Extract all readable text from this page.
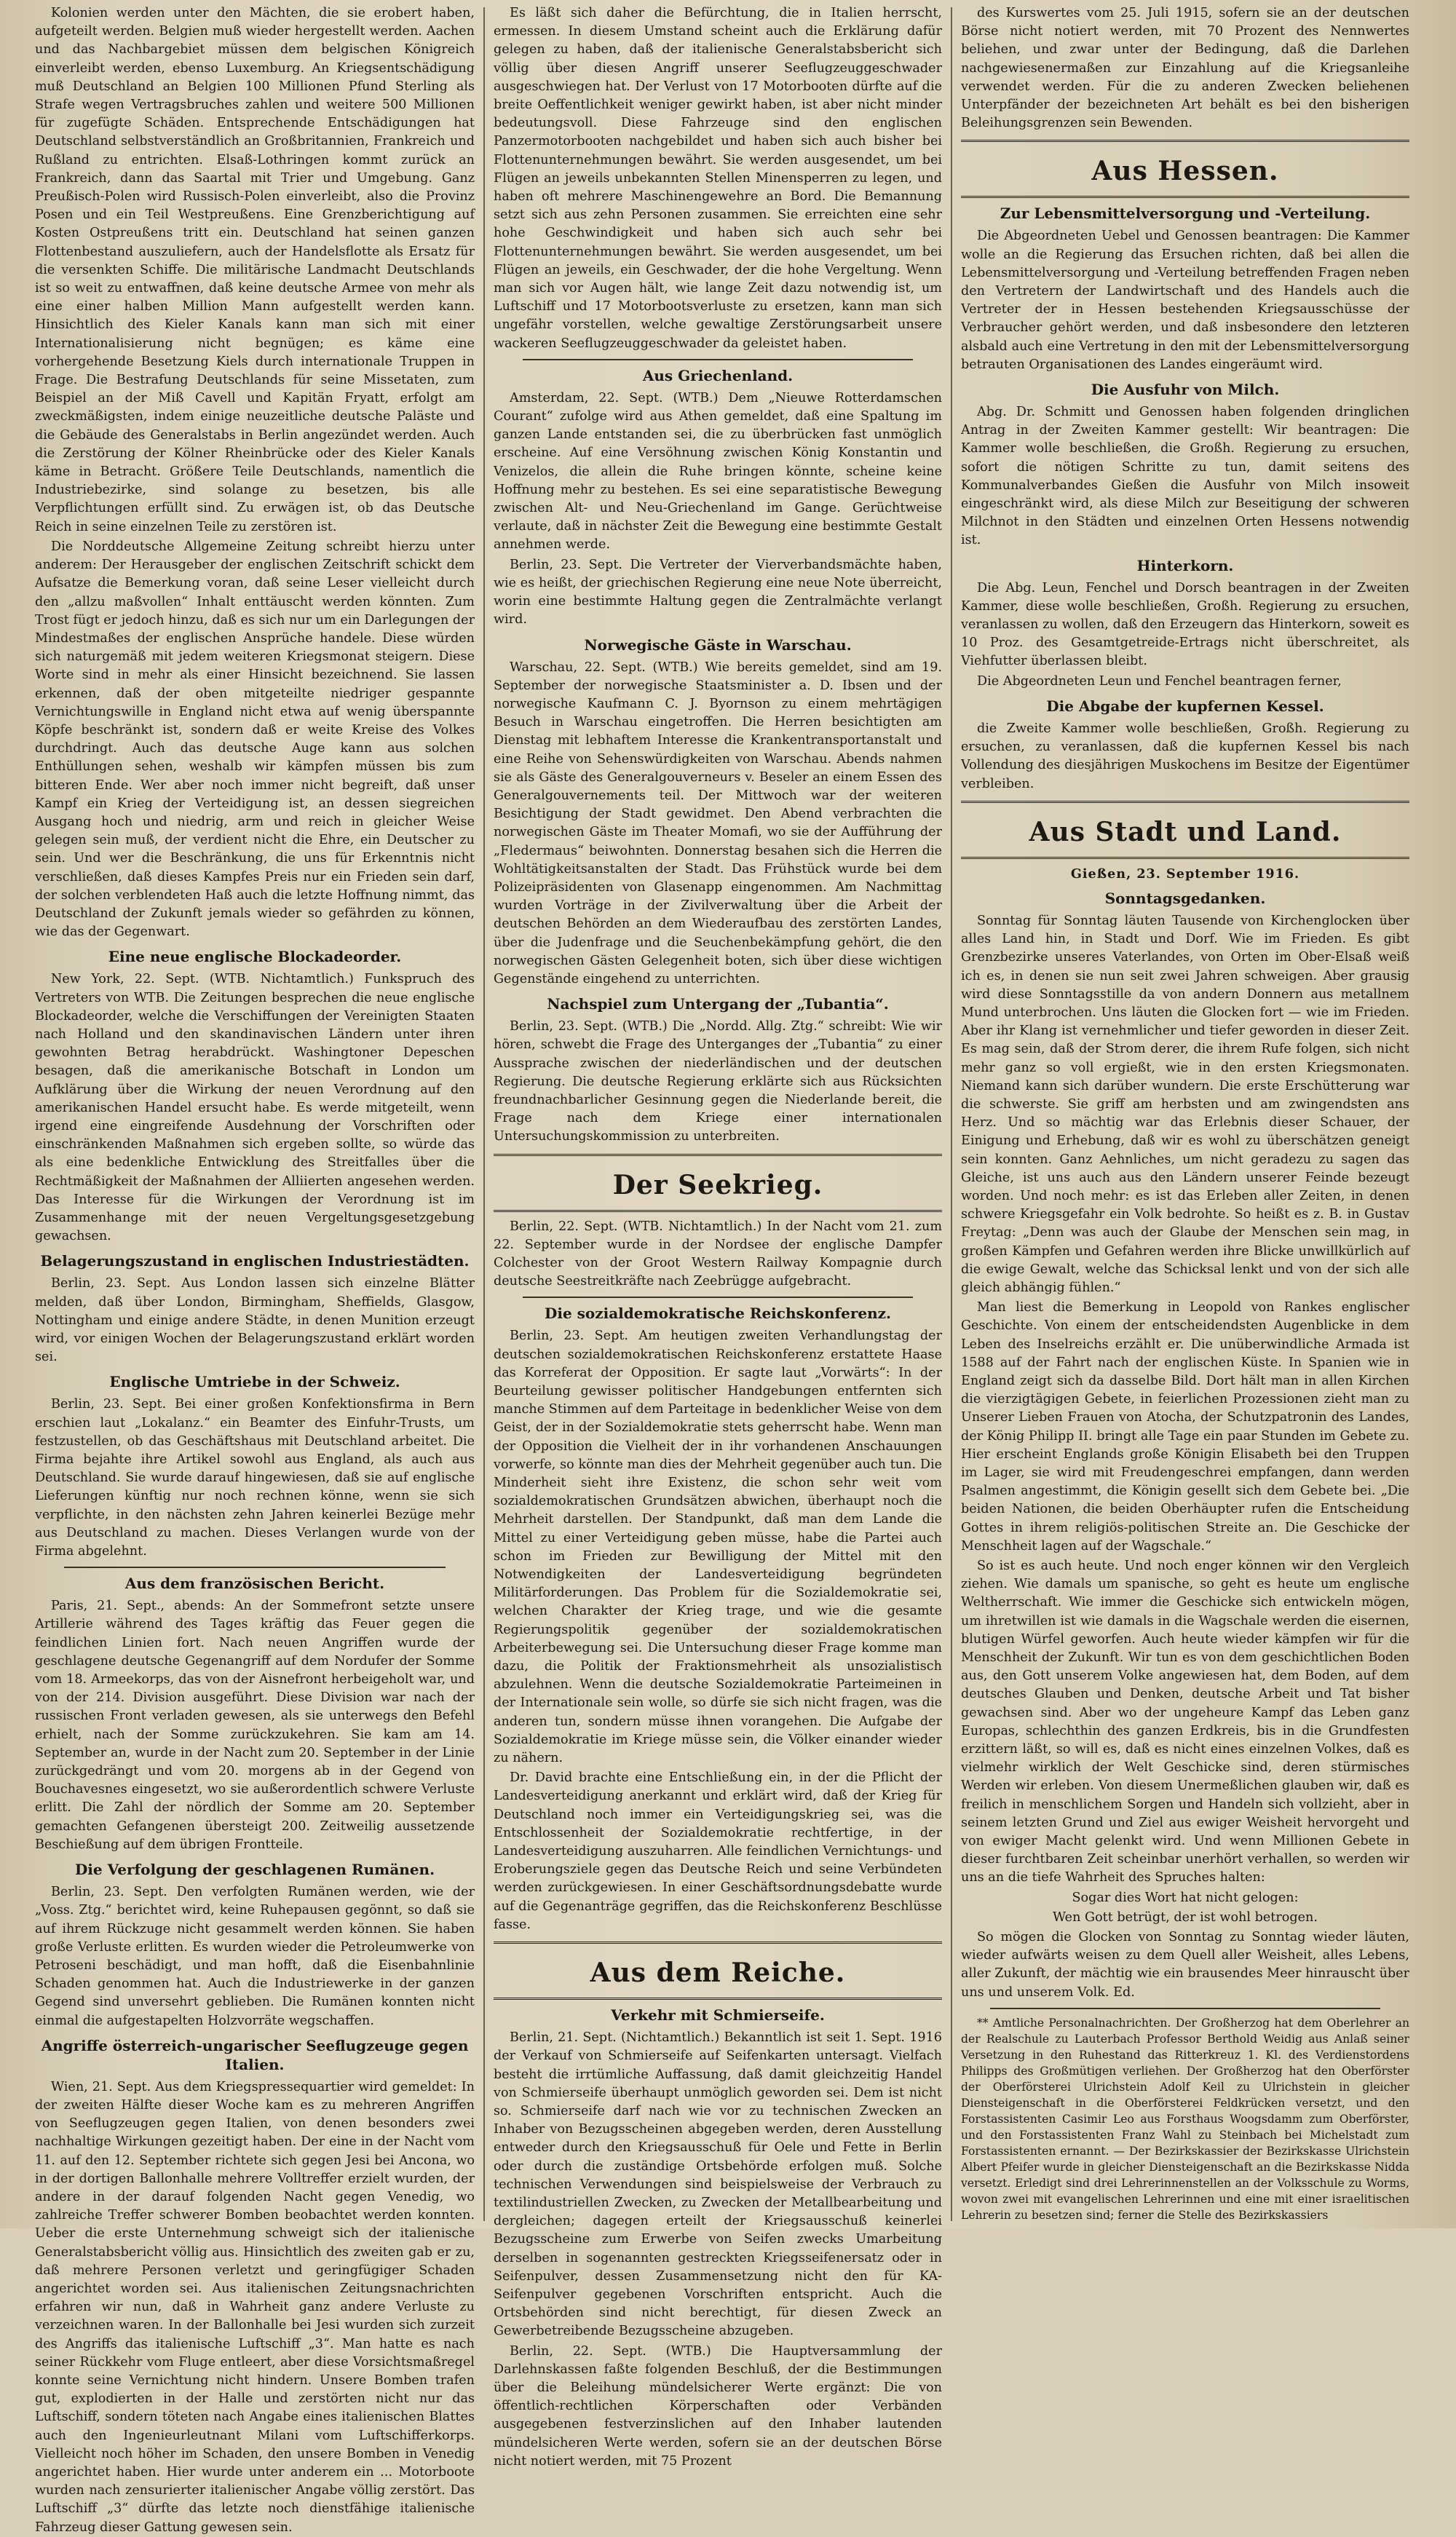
Kolonien werden unter den Mächten, die sie erobert haben, aufgeteilt werden. Belgien muß wieder hergestellt werden. Aachen und das Nachbargebiet müssen dem belgischen Königreich einverleibt werden, ebenso Luxemburg. An Kriegsentschädigung muß Deutschland an Belgien 100 Millionen Pfund Sterling als Strafe wegen Vertragsbruches zahlen und weitere 500 Millionen für zugefügte Schäden. Entsprechende Entschädigungen hat Deutschland selbstverständlich an Großbritannien, Frankreich und Rußland zu entrichten. Elsaß-Lothringen kommt zurück an Frankreich, dann das Saartal mit Trier und Umgebung. Ganz Preußisch-Polen wird Russisch-Polen einverleibt, also die Provinz Posen und ein Teil Westpreußens. Eine Grenzberichtigung auf Kosten Ostpreußens tritt ein. Deutschland hat seinen ganzen Flottenbestand auszuliefern, auch der Handelsflotte als Ersatz für die versenkten Schiffe. Die militärische Landmacht Deutschlands ist so weit zu entwaffnen, daß keine deutsche Armee von mehr als eine einer halben Million Mann aufgestellt werden kann. Hinsichtlich des Kieler Kanals kann man sich mit einer Internationalisierung nicht begnügen; es käme eine vorhergehende Besetzung Kiels durch internationale Truppen in Frage. Die Bestrafung Deutschlands für seine Missetaten, zum Beispiel an der Miß Cavell und Kapitän Fryatt, erfolgt am zweckmäßigsten, indem einige neuzeitliche deutsche Paläste und die Gebäude des Generalstabs in Berlin angezündet werden. Auch die Zerstörung der Kölner Rheinbrücke oder des Kieler Kanals käme in Betracht. Größere Teile Deutschlands, namentlich die Industriebezirke, sind solange zu besetzen, bis alle Verpflichtungen erfüllt sind. Zu erwägen ist, ob das Deutsche Reich in seine einzelnen Teile zu zerstören ist.

Die Norddeutsche Allgemeine Zeitung schreibt hierzu unter anderem: Der Herausgeber der englischen Zeitschrift schickt dem Aufsatze die Bemerkung voran, daß seine Leser vielleicht durch den „allzu maßvollen“ Inhalt enttäuscht werden könnten. Zum Trost fügt er jedoch hinzu, daß es sich nur um ein Darlegungen der Mindestmaßes der englischen Ansprüche handele. Diese würden sich naturgemäß mit jedem weiteren Kriegsmonat steigern. Diese Worte sind in mehr als einer Hinsicht bezeichnend. Sie lassen erkennen, daß der oben mitgeteilte niedriger gespannte Vernichtungswille in England nicht etwa auf wenig überspannte Köpfe beschränkt ist, sondern daß er weite Kreise des Volkes durchdringt. Auch das deutsche Auge kann aus solchen Enthüllungen sehen, weshalb wir kämpfen müssen bis zum bitteren Ende. Wer aber noch immer nicht begreift, daß unser Kampf ein Krieg der Verteidigung ist, an dessen siegreichen Ausgang hoch und niedrig, arm und reich in gleicher Weise gelegen sein muß, der verdient nicht die Ehre, ein Deutscher zu sein. Und wer die Beschränkung, die uns für Erkenntnis nicht verschließen, daß dieses Kampfes Preis nur ein Frieden sein darf, der solchen verblendeten Haß auch die letzte Hoffnung nimmt, das Deutschland der Zukunft jemals wieder so gefährden zu können, wie das der Gegenwart.

Eine neue englische Blockadeorder.

New York, 22. Sept. (WTB. Nichtamtlich.) Funkspruch des Vertreters von WTB. Die Zeitungen besprechen die neue englische Blockadeorder, welche die Verschiffungen der Vereinigten Staaten nach Holland und den skandinavischen Ländern unter ihren gewohnten Betrag herabdrückt. Washingtoner Depeschen besagen, daß die amerikanische Botschaft in London um Aufklärung über die Wirkung der neuen Verordnung auf den amerikanischen Handel ersucht habe. Es werde mitgeteilt, wenn irgend eine eingreifende Ausdehnung der Vorschriften oder einschränkenden Maßnahmen sich ergeben sollte, so würde das als eine bedenkliche Entwicklung des Streitfalles über die Rechtmäßigkeit der Maßnahmen der Alliierten angesehen werden. Das Interesse für die Wirkungen der Verordnung ist im Zusammenhange mit der neuen Vergeltungsgesetzgebung gewachsen.

Belagerungszustand in englischen Industriestädten.

Berlin, 23. Sept. Aus London lassen sich einzelne Blätter melden, daß über London, Birmingham, Sheffields, Glasgow, Nottingham und einige andere Städte, in denen Munition erzeugt wird, vor einigen Wochen der Belagerungszustand erklärt worden sei.

Englische Umtriebe in der Schweiz.

Berlin, 23. Sept. Bei einer großen Konfektionsfirma in Bern erschien laut „Lokalanz.“ ein Beamter des Einfuhr-Trusts, um festzustellen, ob das Geschäftshaus mit Deutschland arbeitet. Die Firma bejahte ihre Artikel sowohl aus England, als auch aus Deutschland. Sie wurde darauf hingewiesen, daß sie auf englische Lieferungen künftig nur noch rechnen könne, wenn sie sich verpflichte, in den nächsten zehn Jahren keinerlei Bezüge mehr aus Deutschland zu machen. Dieses Verlangen wurde von der Firma abgelehnt.

Aus dem französischen Bericht.

Paris, 21. Sept., abends: An der Sommefront setzte unsere Artillerie während des Tages kräftig das Feuer gegen die feindlichen Linien fort. Nach neuen Angriffen wurde der geschlagene deutsche Gegenangriff auf dem Nordufer der Somme vom 18. Armeekorps, das von der Aisnefront herbeigeholt war, und von der 214. Division ausgeführt. Diese Division war nach der russischen Front verladen gewesen, als sie unterwegs den Befehl erhielt, nach der Somme zurückzukehren. Sie kam am 14. September an, wurde in der Nacht zum 20. September in der Linie zurückgedrängt und vom 20. morgens ab in der Gegend von Bouchavesnes eingesetzt, wo sie außerordentlich schwere Verluste erlitt. Die Zahl der nördlich der Somme am 20. September gemachten Gefangenen übersteigt 200. Zeitweilig aussetzende Beschießung auf dem übrigen Frontteile.

Die Verfolgung der geschlagenen Rumänen.

Berlin, 23. Sept. Den verfolgten Rumänen werden, wie der „Voss. Ztg.“ berichtet wird, keine Ruhepausen gegönnt, so daß sie auf ihrem Rückzuge nicht gesammelt werden können. Sie haben große Verluste erlitten. Es wurden wieder die Petroleumwerke von Petroseni beschädigt, und man hofft, daß die Eisenbahnlinie Schaden genommen hat. Auch die Industriewerke in der ganzen Gegend sind unversehrt geblieben. Die Rumänen konnten nicht einmal die aufgestapelten Holzvorräte wegschaffen.

Angriffe österreich-ungarischer Seeflugzeuge gegen Italien.

Wien, 21. Sept. Aus dem Kriegspressequartier wird gemeldet: In der zweiten Hälfte dieser Woche kam es zu mehreren Angriffen von Seeflugzeugen gegen Italien, von denen besonders zwei nachhaltige Wirkungen gezeitigt haben. Der eine in der Nacht vom 11. auf den 12. September richtete sich gegen Jesi bei Ancona, wo in der dortigen Ballonhalle mehrere Volltreffer erzielt wurden, der andere in der darauf folgenden Nacht gegen Venedig, wo zahlreiche Treffer schwerer Bomben beobachtet werden konnten. Ueber die erste Unternehmung schweigt sich der italienische Generalstabsbericht völlig aus. Hinsichtlich des zweiten gab er zu, daß mehrere Personen verletzt und geringfügiger Schaden angerichtet worden sei. Aus italienischen Zeitungsnachrichten erfahren wir nun, daß in Wahrheit ganz andere Verluste zu verzeichnen waren. In der Ballonhalle bei Jesi wurden sich zurzeit des Angriffs das italienische Luftschiff „3“. Man hatte es nach seiner Rückkehr vom Fluge entleert, aber diese Vorsichtsmaßregel konnte seine Vernichtung nicht hindern. Unsere Bomben trafen gut, explodierten in der Halle und zerstörten nicht nur das Luftschiff, sondern töteten nach Angabe eines italienischen Blattes auch den Ingenieurleutnant Milani vom Luftschifferkorps. Vielleicht noch höher im Schaden, den unsere Bomben in Venedig angerichtet haben. Hier wurde unter anderem ein ... Motorboote wurden nach zensurierter italienischer Angabe völlig zerstört. Das Luftschiff „3“ dürfte das letzte noch dienstfähige italienische Fahrzeug dieser Gattung gewesen sein.

Es läßt sich daher die Befürchtung, die in Italien herrscht, ermessen. In diesem Umstand scheint auch die Erklärung dafür gelegen zu haben, daß der italienische Generalstabsbericht sich völlig über diesen Angriff unserer Seeflugzeuggeschwader ausgeschwiegen hat. Der Verlust von 17 Motorbooten dürfte auf die breite Oeffentlichkeit weniger gewirkt haben, ist aber nicht minder bedeutungsvoll. Diese Fahrzeuge sind den englischen Panzermotorbooten nachgebildet und haben sich auch bisher bei Flottenunternehmungen bewährt. Sie werden ausgesendet, um bei Flügen an jeweils unbekannten Stellen Minensperren zu legen, und haben oft mehrere Maschinengewehre an Bord. Die Bemannung setzt sich aus zehn Personen zusammen. Sie erreichten eine sehr hohe Geschwindigkeit und haben sich auch sehr bei Flottenunternehmungen bewährt. Sie werden ausgesendet, um bei Flügen an jeweils, ein Geschwader, der die hohe Vergeltung. Wenn man sich vor Augen hält, wie lange Zeit dazu notwendig ist, um Luftschiff und 17 Motorbootsverluste zu ersetzen, kann man sich ungefähr vorstellen, welche gewaltige Zerstörungsarbeit unsere wackeren Seeflugzeuggeschwader da geleistet haben.

Aus Griechenland.

Amsterdam, 22. Sept. (WTB.) Dem „Nieuwe Rotterdamschen Courant“ zufolge wird aus Athen gemeldet, daß eine Spaltung im ganzen Lande entstanden sei, die zu überbrücken fast unmöglich erscheine. Auf eine Versöhnung zwischen König Konstantin und Venizelos, die allein die Ruhe bringen könnte, scheine keine Hoffnung mehr zu bestehen. Es sei eine separatistische Bewegung zwischen Alt- und Neu-Griechenland im Gange. Gerüchtweise verlaute, daß in nächster Zeit die Bewegung eine bestimmte Gestalt annehmen werde.

Berlin, 23. Sept. Die Vertreter der Vierverbandsmächte haben, wie es heißt, der griechischen Regierung eine neue Note überreicht, worin eine bestimmte Haltung gegen die Zentralmächte verlangt wird.

Norwegische Gäste in Warschau.

Warschau, 22. Sept. (WTB.) Wie bereits gemeldet, sind am 19. September der norwegische Staatsminister a. D. Ibsen und der norwegische Kaufmann C. J. Byornson zu einem mehrtägigen Besuch in Warschau eingetroffen. Die Herren besichtigten am Dienstag mit lebhaftem Interesse die Krankentransportanstalt und eine Reihe von Sehenswürdigkeiten von Warschau. Abends nahmen sie als Gäste des Generalgouverneurs v. Beseler an einem Essen des Generalgouvernements teil. Der Mittwoch war der weiteren Besichtigung der Stadt gewidmet. Den Abend verbrachten die norwegischen Gäste im Theater Momafi, wo sie der Aufführung der „Fledermaus“ beiwohnten. Donnerstag besahen sich die Herren die Wohltätigkeitsanstalten der Stadt. Das Frühstück wurde bei dem Polizeipräsidenten von Glasenapp eingenommen. Am Nachmittag wurden Vorträge in der Zivilverwaltung über die Arbeit der deutschen Behörden an dem Wiederaufbau des zerstörten Landes, über die Judenfrage und die Seuchenbekämpfung gehört, die den norwegischen Gästen Gelegenheit boten, sich über diese wichtigen Gegenstände eingehend zu unterrichten.

Nachspiel zum Untergang der „Tubantia“.

Berlin, 23. Sept. (WTB.) Die „Nordd. Allg. Ztg.“ schreibt: Wie wir hören, schwebt die Frage des Unterganges der „Tubantia“ zu einer Aussprache zwischen der niederländischen und der deutschen Regierung. Die deutsche Regierung erklärte sich aus Rücksichten freundnachbarlicher Gesinnung gegen die Niederlande bereit, die Frage nach dem Kriege einer internationalen Untersuchungskommission zu unterbreiten.

Der Seekrieg.

Berlin, 22. Sept. (WTB. Nichtamtlich.) In der Nacht vom 21. zum 22. September wurde in der Nordsee der englische Dampfer Colchester von der Groot Western Railway Kompagnie durch deutsche Seestreitkräfte nach Zeebrügge aufgebracht.

Die sozialdemokratische Reichskonferenz.

Berlin, 23. Sept. Am heutigen zweiten Verhandlungstag der deutschen sozialdemokratischen Reichskonferenz erstattete Haase das Korreferat der Opposition. Er sagte laut „Vorwärts“: In der Beurteilung gewisser politischer Handgebungen entfernten sich manche Stimmen auf dem Parteitage in bedenklicher Weise von dem Geist, der in der Sozialdemokratie stets geherrscht habe. Wenn man der Opposition die Vielheit der in ihr vorhandenen Anschauungen vorwerfe, so könnte man dies der Mehrheit gegenüber auch tun. Die Minderheit sieht ihre Existenz, die schon sehr weit vom sozialdemokratischen Grundsätzen abwichen, überhaupt noch die Mehrheit darstellen. Der Standpunkt, daß man dem Lande die Mittel zu einer Verteidigung geben müsse, habe die Partei auch schon im Frieden zur Bewilligung der Mittel mit den Notwendigkeiten der Landesverteidigung begründeten Militärforderungen. Das Problem für die Sozialdemokratie sei, welchen Charakter der Krieg trage, und wie die gesamte Regierungspolitik gegenüber der sozialdemokratischen Arbeiterbewegung sei. Die Untersuchung dieser Frage komme man dazu, die Politik der Fraktionsmehrheit als unsozialistisch abzulehnen. Wenn die deutsche Sozialdemokratie Parteimeinen in der Internationale sein wolle, so dürfe sie sich nicht fragen, was die anderen tun, sondern müsse ihnen vorangehen. Die Aufgabe der Sozialdemokratie im Kriege müsse sein, die Völker einander wieder zu nähern.

Dr. David brachte eine Entschließung ein, in der die Pflicht der Landesverteidigung anerkannt und erklärt wird, daß der Krieg für Deutschland noch immer ein Verteidigungskrieg sei, was die Entschlossenheit der Sozialdemokratie rechtfertige, in der Landesverteidigung auszuharren. Alle feindlichen Vernichtungs- und Eroberungsziele gegen das Deutsche Reich und seine Verbündeten werden zurückgewiesen. In einer Geschäftsordnungsdebatte wurde auf die Gegenanträge gegriffen, das die Reichskonferenz Beschlüsse fasse.

Aus dem Reiche.
Verkehr mit Schmierseife.

Berlin, 21. Sept. (Nichtamtlich.) Bekanntlich ist seit 1. Sept. 1916 der Verkauf von Schmierseife auf Seifenkarten untersagt. Vielfach besteht die irrtümliche Auffassung, daß damit gleichzeitig Handel von Schmierseife überhaupt unmöglich geworden sei. Dem ist nicht so. Schmierseife darf nach wie vor zu technischen Zwecken an Inhaber von Bezugsscheinen abgegeben werden, deren Ausstellung entweder durch den Kriegsausschuß für Oele und Fette in Berlin oder durch die zuständige Ortsbehörde erfolgen muß. Solche technischen Verwendungen sind beispielsweise der Verbrauch zu textilindustriellen Zwecken, zu Zwecken der Metallbearbeitung und dergleichen; dagegen erteilt der Kriegsausschuß keinerlei Bezugsscheine zum Erwerbe von Seifen zwecks Umarbeitung derselben in sogenannten gestreckten Kriegsseifenersatz oder in Seifenpulver, dessen Zusammensetzung nicht den für KA-Seifenpulver gegebenen Vorschriften entspricht. Auch die Ortsbehörden sind nicht berechtigt, für diesen Zweck an Gewerbetreibende Bezugsscheine abzugeben.

Berlin, 22. Sept. (WTB.) Die Hauptversammlung der Darlehnskassen faßte folgenden Beschluß, der die Bestimmungen über die Beleihung mündelsicherer Werte ergänzt: Die von öffentlich-rechtlichen Körperschaften oder Verbänden ausgegebenen festverzinslichen auf den Inhaber lautenden mündelsicheren Werte werden, sofern sie an der deutschen Börse nicht notiert werden, mit 75 Prozent

des Kurswertes vom 25. Juli 1915, sofern sie an der deutschen Börse nicht notiert werden, mit 70 Prozent des Nennwertes beliehen, und zwar unter der Bedingung, daß die Darlehen nachgewiesenermaßen zur Einzahlung auf die Kriegsanleihe verwendet werden. Für die zu anderen Zwecken beliehenen Unterpfänder der bezeichneten Art behält es bei den bisherigen Beleihungsgrenzen sein Bewenden.

Aus Hessen.
Zur Lebensmittelversorgung und -Verteilung.

Die Abgeordneten Uebel und Genossen beantragen: Die Kammer wolle an die Regierung das Ersuchen richten, daß bei allen die Lebensmittelversorgung und -Verteilung betreffenden Fragen neben den Vertretern der Landwirtschaft und des Handels auch die Vertreter der in Hessen bestehenden Kriegsausschüsse der Verbraucher gehört werden, und daß insbesondere den letzteren alsbald auch eine Vertretung in den mit der Lebensmittelversorgung betrauten Organisationen des Landes eingeräumt wird.

Die Ausfuhr von Milch.

Abg. Dr. Schmitt und Genossen haben folgenden dringlichen Antrag in der Zweiten Kammer gestellt: Wir beantragen: Die Kammer wolle beschließen, die Großh. Regierung zu ersuchen, sofort die nötigen Schritte zu tun, damit seitens des Kommunalverbandes Gießen die Ausfuhr von Milch insoweit eingeschränkt wird, als diese Milch zur Beseitigung der schweren Milchnot in den Städten und einzelnen Orten Hessens notwendig ist.

Hinterkorn.

Die Abg. Leun, Fenchel und Dorsch beantragen in der Zweiten Kammer, diese wolle beschließen, Großh. Regierung zu ersuchen, veranlassen zu wollen, daß den Erzeugern das Hinterkorn, soweit es 10 Proz. des Gesamtgetreide-Ertrags nicht überschreitet, als Viehfutter überlassen bleibt.

Die Abgeordneten Leun und Fenchel beantragen ferner,

Die Abgabe der kupfernen Kessel.

die Zweite Kammer wolle beschließen, Großh. Regierung zu ersuchen, zu veranlassen, daß die kupfernen Kessel bis nach Vollendung des diesjährigen Muskochens im Besitze der Eigentümer verbleiben.

Aus Stadt und Land.

Gießen, 23. September 1916.

Sonntagsgedanken.

Sonntag für Sonntag läuten Tausende von Kirchenglocken über alles Land hin, in Stadt und Dorf. Wie im Frieden. Es gibt Grenzbezirke unseres Vaterlandes, von Orten im Ober-Elsaß weiß ich es, in denen sie nun seit zwei Jahren schweigen. Aber grausig wird diese Sonntagsstille da von andern Donnern aus metallnem Mund unterbrochen. Uns läuten die Glocken fort — wie im Frieden. Aber ihr Klang ist vernehmlicher und tiefer geworden in dieser Zeit. Es mag sein, daß der Strom derer, die ihrem Rufe folgen, sich nicht mehr ganz so voll ergießt, wie in den ersten Kriegsmonaten. Niemand kann sich darüber wundern. Die erste Erschütterung war die schwerste. Sie griff am herbsten und am zwingendsten ans Herz. Und so mächtig war das Erlebnis dieser Schauer, der Einigung und Erhebung, daß wir es wohl zu überschätzen geneigt sein konnten. Ganz Aehnliches, um nicht geradezu zu sagen das Gleiche, ist uns auch aus den Ländern unserer Feinde bezeugt worden. Und noch mehr: es ist das Erleben aller Zeiten, in denen schwere Kriegsgefahr ein Volk bedrohte. So heißt es z. B. in Gustav Freytag: „Denn was auch der Glaube der Menschen sein mag, in großen Kämpfen und Gefahren werden ihre Blicke unwillkürlich auf die ewige Gewalt, welche das Schicksal lenkt und von der sich alle gleich abhängig fühlen.“

Man liest die Bemerkung in Leopold von Rankes englischer Geschichte. Von einem der entscheidendsten Augenblicke in dem Leben des Inselreichs erzählt er. Die unüberwindliche Armada ist 1588 auf der Fahrt nach der englischen Küste. In Spanien wie in England zeigt sich da dasselbe Bild. Dort hält man in allen Kirchen die vierzigtägigen Gebete, in feierlichen Prozessionen zieht man zu Unserer Lieben Frauen von Atocha, der Schutzpatronin des Landes, der König Philipp II. bringt alle Tage ein paar Stunden im Gebete zu. Hier erscheint Englands große Königin Elisabeth bei den Truppen im Lager, sie wird mit Freudengeschrei empfangen, dann werden Psalmen angestimmt, die Königin gesellt sich dem Gebete bei. „Die beiden Nationen, die beiden Oberhäupter rufen die Entscheidung Gottes in ihrem religiös-politischen Streite an. Die Geschicke der Menschheit lagen auf der Wagschale.“

So ist es auch heute. Und noch enger können wir den Vergleich ziehen. Wie damals um spanische, so geht es heute um englische Weltherrschaft. Wie immer die Geschicke sich entwickeln mögen, um ihretwillen ist wie damals in die Wagschale werden die eisernen, blutigen Würfel geworfen. Auch heute wieder kämpfen wir für die Menschheit der Zukunft. Wir tun es von dem geschichtlichen Boden aus, den Gott unserem Volke angewiesen hat, dem Boden, auf dem deutsches Glauben und Denken, deutsche Arbeit und Tat bisher gewachsen sind. Aber wo der ungeheure Kampf das Leben ganz Europas, schlechthin des ganzen Erdkreis, bis in die Grundfesten erzittern läßt, so will es, daß es nicht eines einzelnen Volkes, daß es vielmehr wirklich der Welt Geschicke sind, deren stürmisches Werden wir erleben. Von diesem Unermeßlichen glauben wir, daß es freilich in menschlichem Sorgen und Handeln sich vollzieht, aber in seinem letzten Grund und Ziel aus ewiger Weisheit hervorgeht und von ewiger Macht gelenkt wird. Und wenn Millionen Gebete in dieser furchtbaren Zeit scheinbar unerhört verhallen, so werden wir uns an die tiefe Wahrheit des Spruches halten:

Sogar dies Wort hat nicht gelogen:

Wen Gott betrügt, der ist wohl betrogen.

So mögen die Glocken von Sonntag zu Sonntag wieder läuten, wieder aufwärts weisen zu dem Quell aller Weisheit, alles Lebens, aller Zukunft, der mächtig wie ein brausendes Meer hinrauscht über uns und unserem Volk. Ed.

** Amtliche Personalnachrichten. Der Großherzog hat dem Oberlehrer an der Realschule zu Lauterbach Professor Berthold Weidig aus Anlaß seiner Versetzung in den Ruhestand das Ritterkreuz 1. Kl. des Verdienstordens Philipps des Großmütigen verliehen. Der Großherzog hat den Oberförster der Oberförsterei Ulrichstein Adolf Keil zu Ulrichstein in gleicher Diensteigenschaft in die Oberförsterei Feldkrücken versetzt, und den Forstassistenten Casimir Leo aus Forsthaus Woogsdamm zum Oberförster, und den Forstassistenten Franz Wahl zu Steinbach bei Michelstadt zum Forstassistenten ernannt. — Der Bezirkskassier der Bezirkskasse Ulrichstein Albert Pfeifer wurde in gleicher Diensteigenschaft an die Bezirkskasse Nidda versetzt. Erledigt sind drei Lehrerinnenstellen an der Volksschule zu Worms, wovon zwei mit evangelischen Lehrerinnen und eine mit einer israelitischen Lehrerin zu besetzen sind; ferner die Stelle des Bezirkskassiers
